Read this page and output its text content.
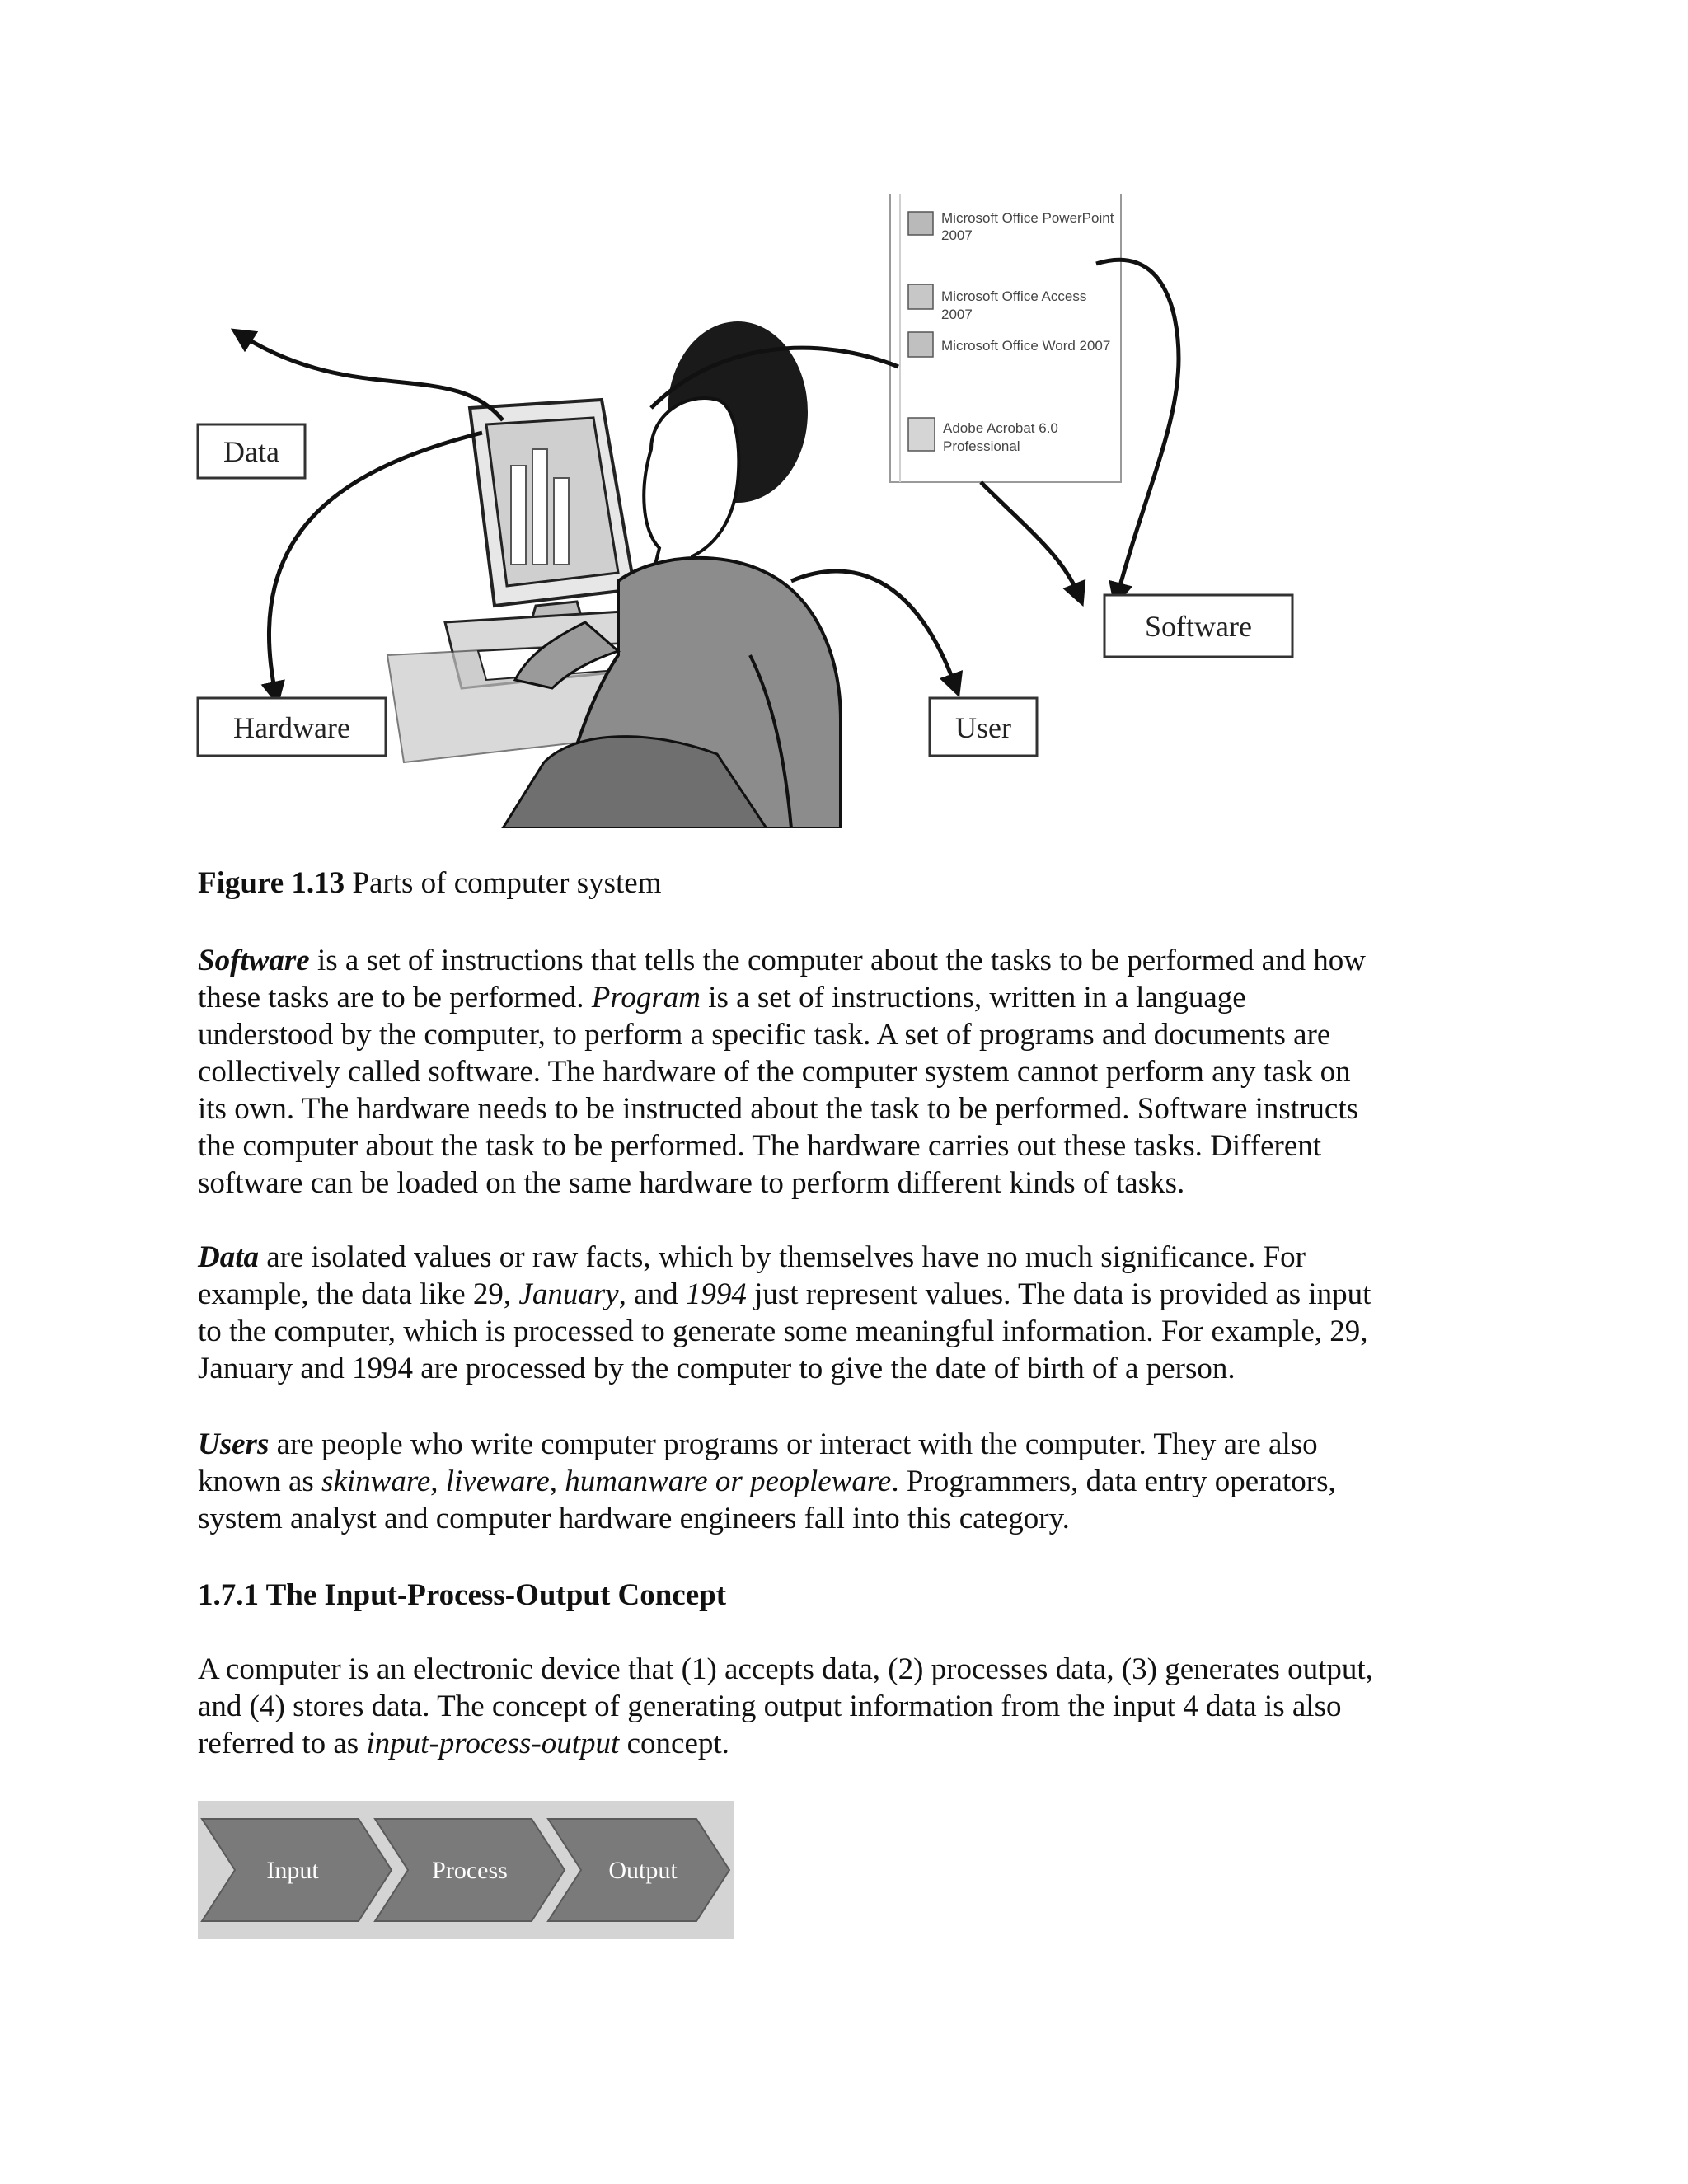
Microsoft Office PowerPoint
2007
Microsoft Office Access
2007
Microsoft Office Word 2007
Adobe Acrobat 6.0
Professional
Data
Hardware	User
Software
Figure 1.13 Parts of computer system

Software is a set of instructions that tells the computer about the tasks to be performed and how
these tasks are to be performed. Program is a set of instructions, written in a language
understood by the computer, to perform a specific task. A set of programs and documents are
collectively called software. The hardware of the computer system cannot perform any task on
its own. The hardware needs to be instructed about the task to be performed. Software instructs
the computer about the task to be performed. The hardware carries out these tasks. Different
software can be loaded on the same hardware to perform different kinds of tasks.

Data are isolated values or raw facts, which by themselves have no much significance. For
example, the data like 29, January, and 1994 just represent values. The data is provided as input
to the computer, which is processed to generate some meaningful information. For example, 29,
January and 1994 are processed by the computer to give the date of birth of a person.

Users are people who write computer programs or interact with the computer. They are also
known as skinware, liveware, humanware or peopleware. Programmers, data entry operators,
system analyst and computer hardware engineers fall into this category.

1.7.1 The Input-Process-Output Concept

A computer is an electronic device that (1) accepts data, (2) processes data, (3) generates output,
and (4) stores data. The concept of generating output information from the input 4 data is also
referred to as input-process-output concept.

Input	Process	Output
